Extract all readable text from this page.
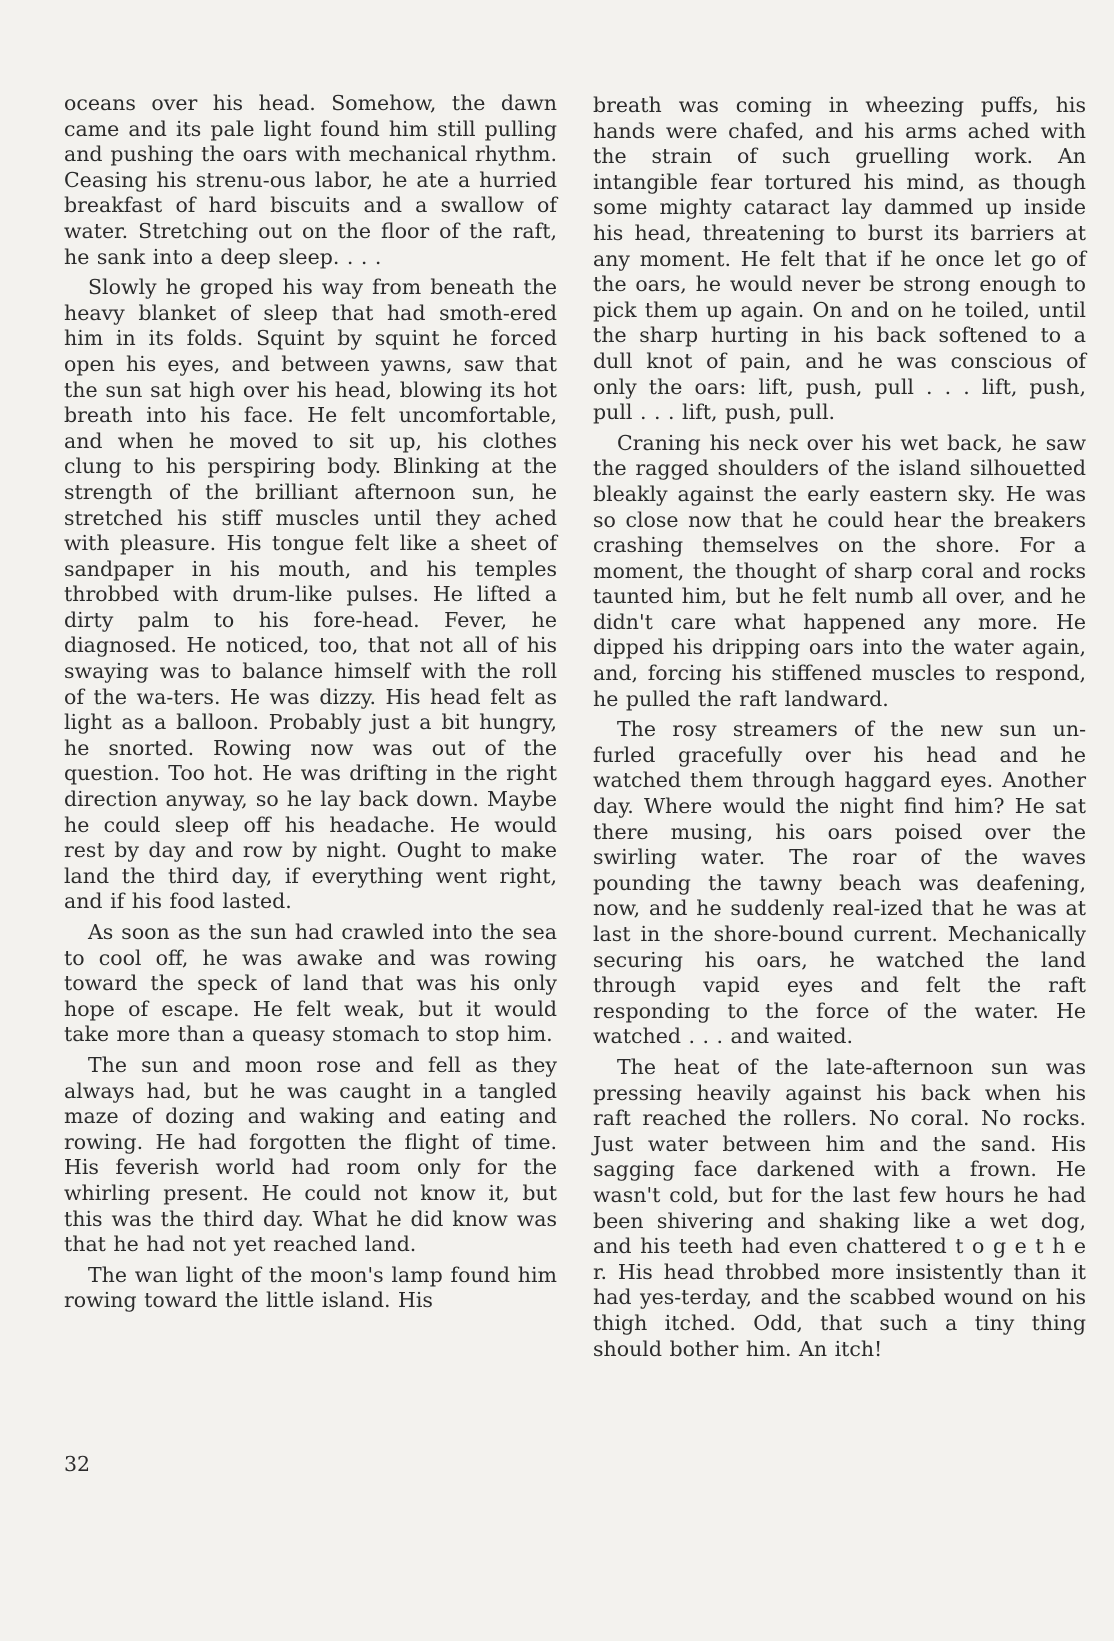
oceans over his head. Somehow, the dawn came and its pale light found him still pulling and pushing the oars with mechanical rhythm. Ceasing his strenu-ous labor, he ate a hurried breakfast of hard biscuits and a swallow of water. Stretching out on the floor of the raft, he sank into a deep sleep. . . .

Slowly he groped his way from beneath the heavy blanket of sleep that had smoth-ered him in its folds. Squint by squint he forced open his eyes, and between yawns, saw that the sun sat high over his head, blowing its hot breath into his face. He felt uncomfortable, and when he moved to sit up, his clothes clung to his perspiring body. Blinking at the strength of the brilliant afternoon sun, he stretched his stiff muscles until they ached with pleasure. His tongue felt like a sheet of sandpaper in his mouth, and his temples throbbed with drum-like pulses. He lifted a dirty palm to his fore-head. Fever, he diagnosed. He noticed, too, that not all of his swaying was to balance himself with the roll of the wa-ters. He was dizzy. His head felt as light as a balloon. Probably just a bit hungry, he snorted. Rowing now was out of the question. Too hot. He was drifting in the right direction anyway, so he lay back down. Maybe he could sleep off his headache. He would rest by day and row by night. Ought to make land the third day, if everything went right, and if his food lasted.

As soon as the sun had crawled into the sea to cool off, he was awake and was rowing toward the speck of land that was his only hope of escape. He felt weak, but it would take more than a queasy stomach to stop him.

The sun and moon rose and fell as they always had, but he was caught in a tangled maze of dozing and waking and eating and rowing. He had forgotten the flight of time. His feverish world had room only for the whirling present. He could not know it, but this was the third day. What he did know was that he had not yet reached land.

The wan light of the moon's lamp found him rowing toward the little island. His

breath was coming in wheezing puffs, his hands were chafed, and his arms ached with the strain of such gruelling work. An intangible fear tortured his mind, as though some mighty cataract lay dammed up inside his head, threatening to burst its barriers at any moment. He felt that if he once let go of the oars, he would never be strong enough to pick them up again. On and on he toiled, until the sharp hurting in his back softened to a dull knot of pain, and he was conscious of only the oars: lift, push, pull . . . lift, push, pull . . . lift, push, pull.

Craning his neck over his wet back, he saw the ragged shoulders of the island silhouetted bleakly against the early eastern sky. He was so close now that he could hear the breakers crashing themselves on the shore. For a moment, the thought of sharp coral and rocks taunted him, but he felt numb all over, and he didn't care what happened any more. He dipped his dripping oars into the water again, and, forcing his stiffened muscles to respond, he pulled the raft landward.

The rosy streamers of the new sun un-furled gracefully over his head and he watched them through haggard eyes. Another day. Where would the night find him? He sat there musing, his oars poised over the swirling water. The roar of the waves pounding the tawny beach was deafening, now, and he suddenly real-ized that he was at last in the shore-bound current. Mechanically securing his oars, he watched the land through vapid eyes and felt the raft responding to the force of the water. He watched . . . and waited.

The heat of the late-afternoon sun was pressing heavily against his back when his raft reached the rollers. No coral. No rocks. Just water between him and the sand. His sagging face darkened with a frown. He wasn't cold, but for the last few hours he had been shivering and shaking like a wet dog, and his teeth had even chattered t o g e t h e r. His head throbbed more insistently than it had yes-terday, and the scabbed wound on his thigh itched. Odd, that such a tiny thing should bother him. An itch!

32
